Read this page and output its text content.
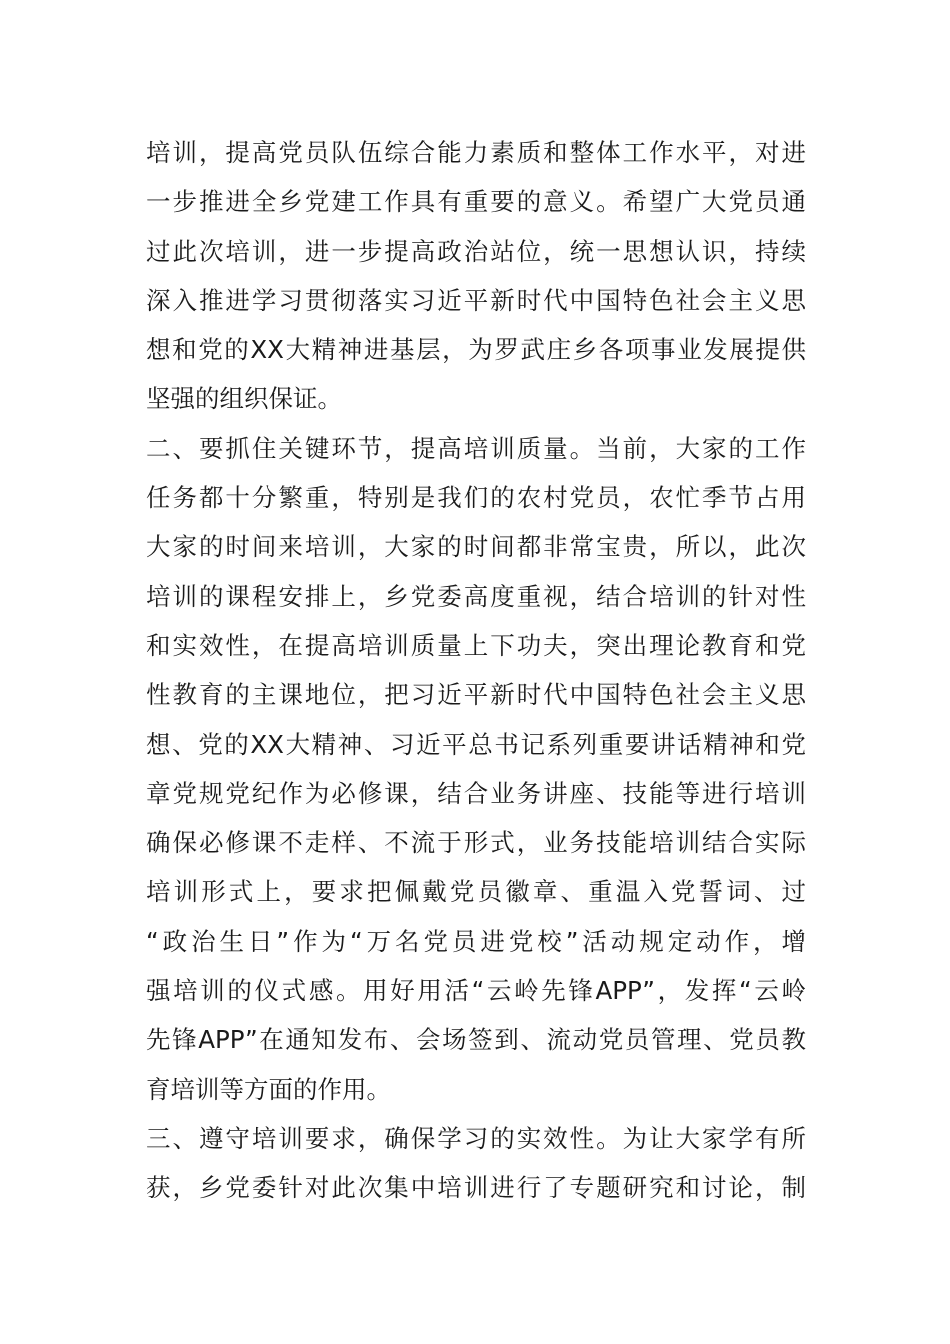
培训，提高党员队伍综合能力素质和整体工作水平，对进
一步推进全乡党建工作具有重要的意义。希望广大党员通
过此次培训，进一步提高政治站位，统一思想认识，持续
深入推进学习贯彻落实习近平新时代中国特色社会主义思
想和党的XX大精神进基层，为罗武庄乡各项事业发展提供
坚强的组织保证。
二、要抓住关键环节，提高培训质量。当前，大家的工作
任务都十分繁重，特别是我们的农村党员，农忙季节占用
大家的时间来培训，大家的时间都非常宝贵，所以，此次
培训的课程安排上，乡党委高度重视，结合培训的针对性
和实效性，在提高培训质量上下功夫，突出理论教育和党
性教育的主课地位，把习近平新时代中国特色社会主义思
想、党的XX大精神、习近平总书记系列重要讲话精神和党
章党规党纪作为必修课，结合业务讲座、技能等进行培训
确保必修课不走样、不流于形式，业务技能培训结合实际
培训形式上，要求把佩戴党员徽章、重温入党誓词、过
“政治生日”作为“万名党员进党校”活动规定动作，增
强培训的仪式感。用好用活“云岭先锋APP”，发挥“云岭
先锋APP”在通知发布、会场签到、流动党员管理、党员教
育培训等方面的作用。
三、遵守培训要求，确保学习的实效性。为让大家学有所
获，乡党委针对此次集中培训进行了专题研究和讨论，制
